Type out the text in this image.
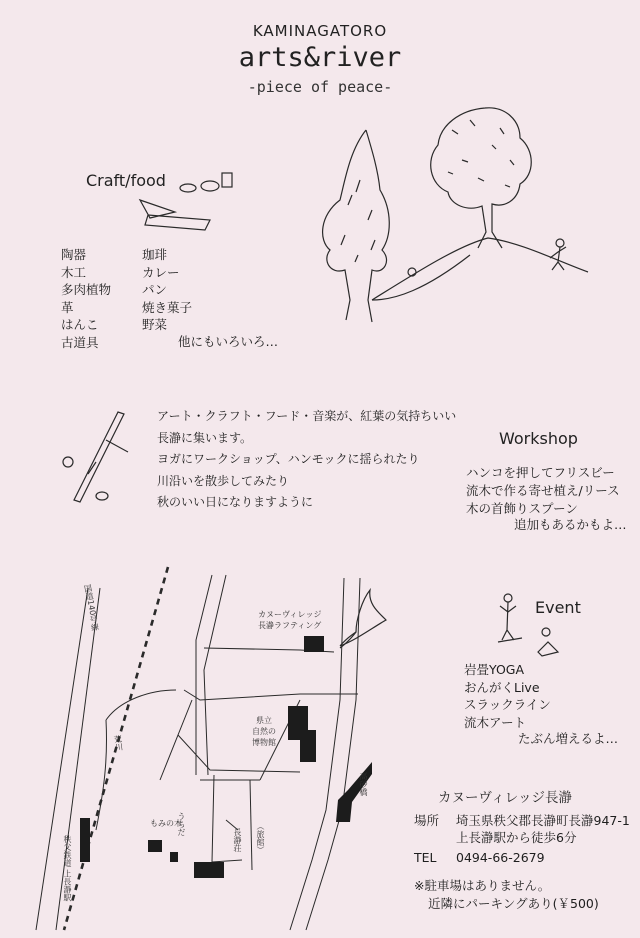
KAMINAGATORO
arts&river
-piece of peace-
Craft/food
陶器
木工
多肉植物
革
はんこ
古道具
珈琲
カレー
パン
焼き菓子
野菜
他にもいろいろ…
アート・クラフト・フード・音楽が、紅葉の気持ちいい
長瀞に集います。
ヨガにワークショップ、ハンモックに揺られたり
川沿いを散歩してみたり
秋のいい日になりますように
Workshop
ハンコを押してフリスビー
流木で作る寄せ植え/リース
木の首飾りスプーン
追加もあるかもよ…
Event
岩畳YOGA
おんがくLive
スラックライン
流木アート
たぶん増えるよ…
国道140号線
荒川
秩父鉄道 上長瀞駅
カヌーヴィレッジ
長瀞ラフティング
県立
自然の
博物館
もみの木
うちだ
長瀞荘 （旅館）
高砂橋
カヌーヴィレッジ長瀞
場所 埼玉県秩父郡長瀞町長瀞947-1
上長瀞駅から徒歩6分
TEL 0494-66-2679
※駐車場はありません。
近隣にパーキングあり(￥500)
